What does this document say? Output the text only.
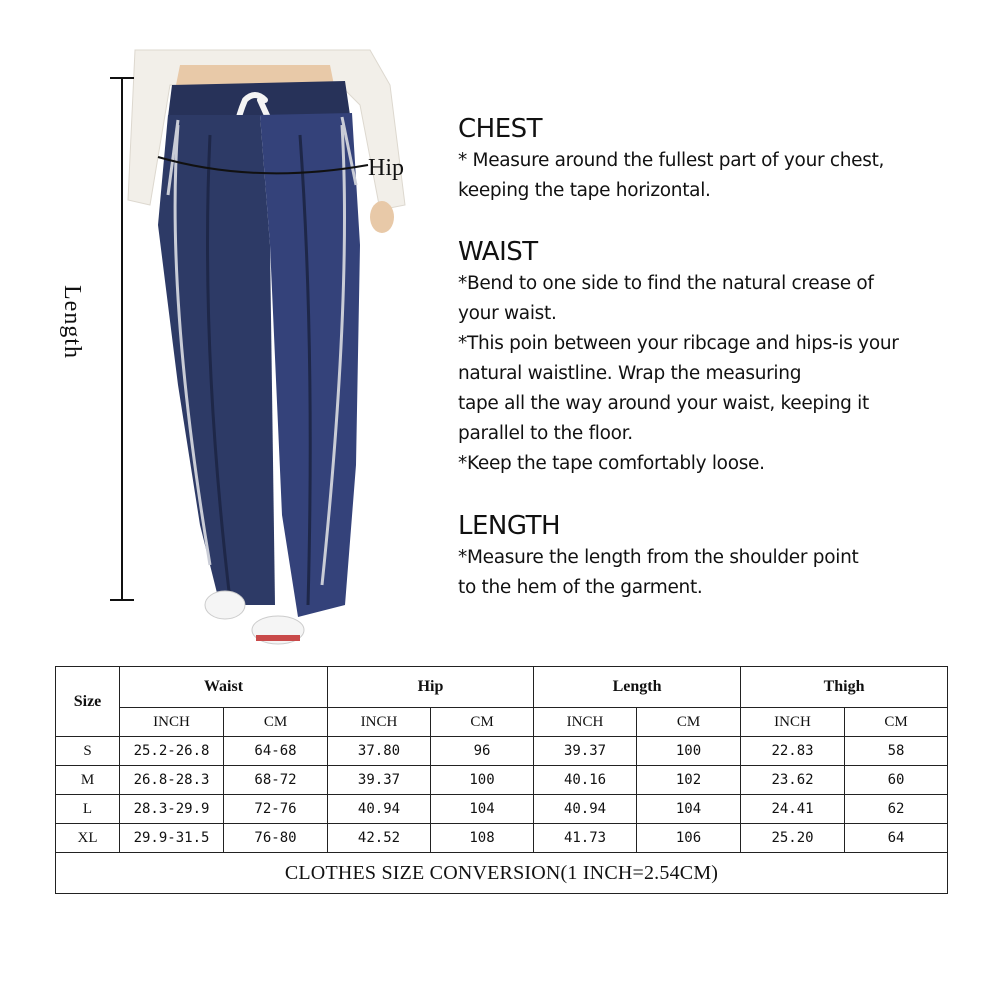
Hip
Length

CHEST

* Measure around the fullest part of your chest,

keeping the tape horizontal.

WAIST

*Bend to one side to find the natural crease of

your waist.

*This poin between your ribcage and hips-is your

natural waistline. Wrap the measuring

tape all the way around your waist, keeping it

parallel to the floor.

*Keep the tape comfortably loose.

LENGTH

*Measure the length from the shoulder point

to the hem of the garment.

Size	Waist		Hip		Length		Thigh	
	INCH	CM	INCH	CM	INCH	CM	INCH	CM
S	25.2-26.8	64-68	37.80	96	39.37	100	22.83	58
M	26.8-28.3	68-72	39.37	100	40.16	102	23.62	60
L	28.3-29.9	72-76	40.94	104	40.94	104	24.41	62
XL	29.9-31.5	76-80	42.52	108	41.73	106	25.20	64
CLOTHES SIZE CONVERSION(1 INCH=2.54CM)								
